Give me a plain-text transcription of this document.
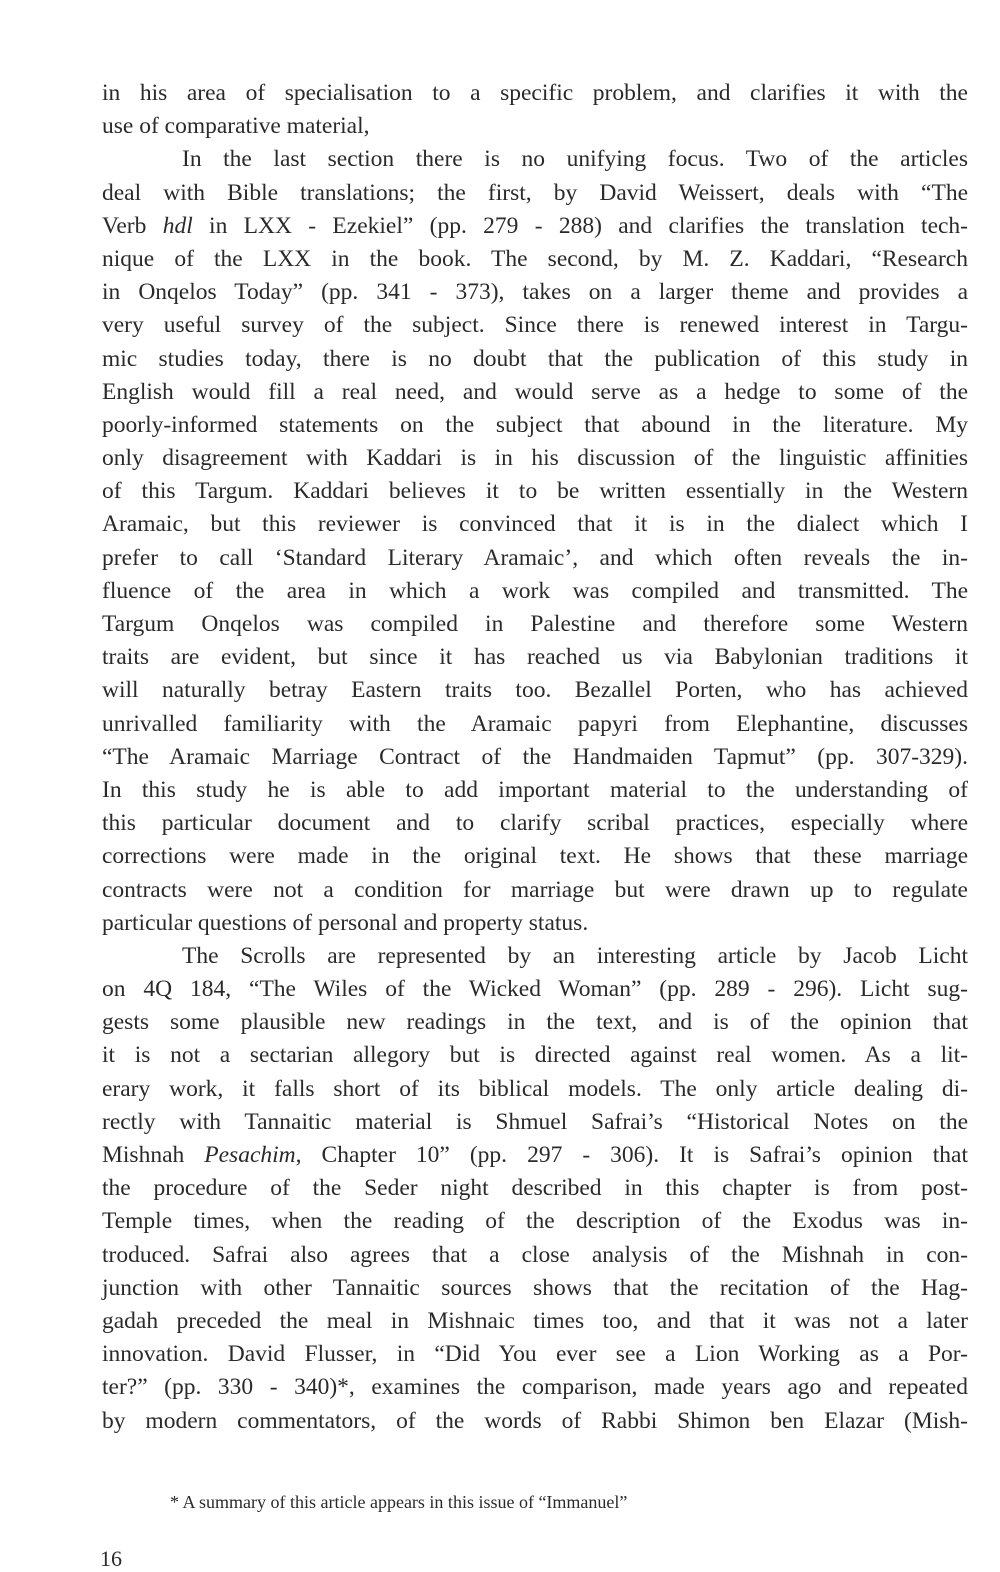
in his area of specialisation to a specific problem, and clarifies it with the
use of comparative material,
In the last section there is no unifying focus. Two of the articles
deal with Bible translations; the first, by David Weissert, deals with “The
Verb hdl in LXX - Ezekiel” (pp. 279 - 288) and clarifies the translation tech-
nique of the LXX in the book. The second, by M. Z. Kaddari, “Research
in Onqelos Today” (pp. 341 - 373), takes on a larger theme and provides a
very useful survey of the subject. Since there is renewed interest in Targu-
mic studies today, there is no doubt that the publication of this study in
English would fill a real need, and would serve as a hedge to some of the
poorly-informed statements on the subject that abound in the literature. My
only disagreement with Kaddari is in his discussion of the linguistic affinities
of this Targum. Kaddari believes it to be written essentially in the Western
Aramaic, but this reviewer is convinced that it is in the dialect which I
prefer to call ‘Standard Literary Aramaic’, and which often reveals the in-
fluence of the area in which a work was compiled and transmitted. The
Targum Onqelos was compiled in Palestine and therefore some Western
traits are evident, but since it has reached us via Babylonian traditions it
will naturally betray Eastern traits too. Bezallel Porten, who has achieved
unrivalled familiarity with the Aramaic papyri from Elephantine, discusses
“The Aramaic Marriage Contract of the Handmaiden Tapmut” (pp. 307-329).
In this study he is able to add important material to the understanding of
this particular document and to clarify scribal practices, especially where
corrections were made in the original text. He shows that these marriage
contracts were not a condition for marriage but were drawn up to regulate
particular questions of personal and property status.
The Scrolls are represented by an interesting article by Jacob Licht
on 4Q 184, “The Wiles of the Wicked Woman” (pp. 289 - 296). Licht sug-
gests some plausible new readings in the text, and is of the opinion that
it is not a sectarian allegory but is directed against real women. As a lit-
erary work, it falls short of its biblical models. The only article dealing di-
rectly with Tannaitic material is Shmuel Safrai’s “Historical Notes on the
Mishnah Pesachim, Chapter 10” (pp. 297 - 306). It is Safrai’s opinion that
the procedure of the Seder night described in this chapter is from post-
Temple times, when the reading of the description of the Exodus was in-
troduced. Safrai also agrees that a close analysis of the Mishnah in con-
junction with other Tannaitic sources shows that the recitation of the Hag-
gadah preceded the meal in Mishnaic times too, and that it was not a later
innovation. David Flusser, in “Did You ever see a Lion Working as a Por-
ter?” (pp. 330 - 340)*, examines the comparison, made years ago and repeated
by modern commentators, of the words of Rabbi Shimon ben Elazar (Mish-
* A summary of this article appears in this issue of “Immanuel”
16
